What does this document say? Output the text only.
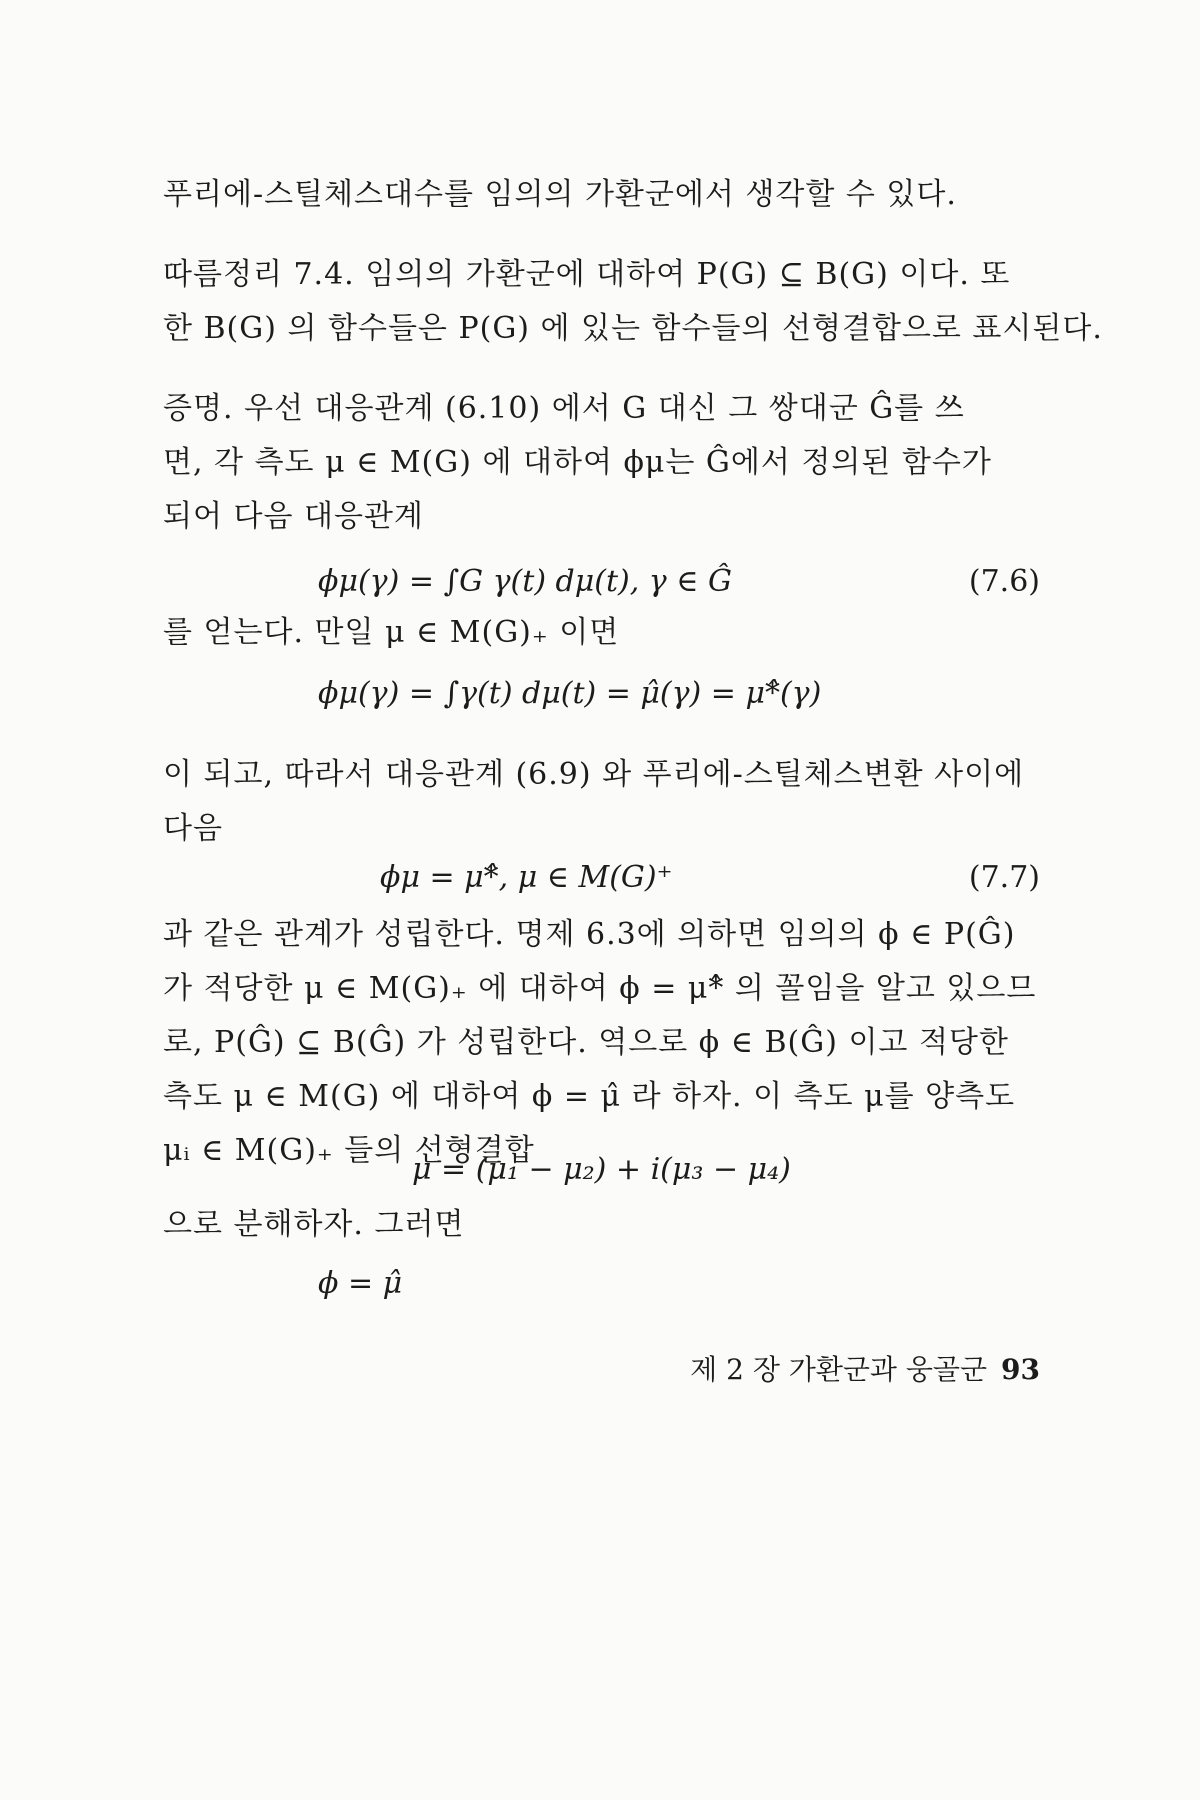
푸리에-스틸체스대수를 임의의 가환군에서 생각할 수 있다.
따름정리 7.4. 임의의 가환군에 대하여 P(G) ⊆ B(G) 이다. 또
한 B(G) 의 함수들은 P(G) 에 있는 함수들의 선형결합으로 표시된다.
증명. 우선 대응관계 (6.10) 에서 G 대신 그 쌍대군 Ĝ를 쓰
면, 각 측도 μ ∈ M(G) 에 대하여 ϕμ는 Ĝ에서 정의된 함수가
되어 다음 대응관계
ϕμ(γ) = ∫G γ(t) dμ(t), γ ∈ Ĝ	(7.6)
를 얻는다. 만일 μ ∈ M(G)₊ 이면
ϕμ(γ) = ∫γ(t) dμ(t) = μ̂(γ) = μ*̂(γ)
이 되고, 따라서 대응관계 (6.9) 와 푸리에-스틸체스변환 사이에
다음
ϕμ = μ*̂, μ ∈ M(G)⁺	(7.7)
과 같은 관계가 성립한다. 명제 6.3에 의하면 임의의 ϕ ∈ P(Ĝ)
가 적당한 μ ∈ M(G)₊ 에 대하여 ϕ = μ*̂ 의 꼴임을 알고 있으므
로, P(Ĝ) ⊆ B(Ĝ) 가 성립한다. 역으로 ϕ ∈ B(Ĝ) 이고 적당한
측도 μ ∈ M(G) 에 대하여 ϕ = μ̂ 라 하자. 이 측도 μ를 양측도
μᵢ ∈ M(G)₊ 들의 선형결합
μ = (μ₁ − μ₂) + i(μ₃ − μ₄)
으로 분해하자. 그러면
ϕ = μ̂
제 2 장 가환군과 웅골군 93
